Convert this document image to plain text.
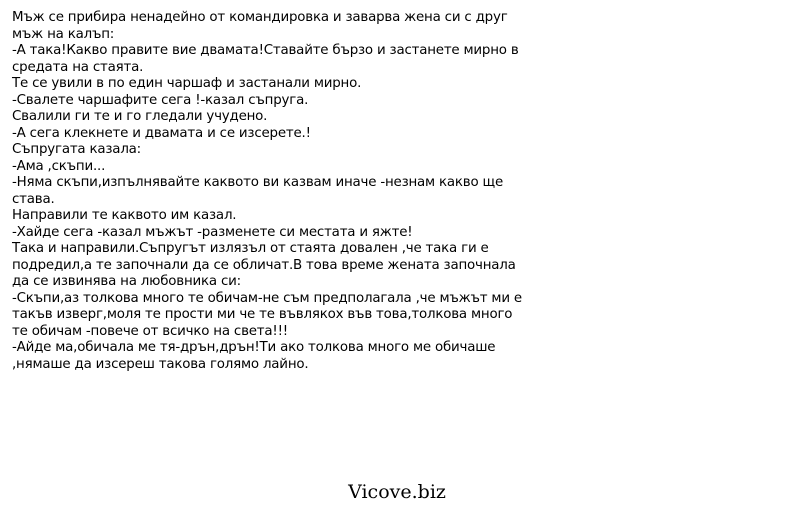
Мъж се прибира ненадейно от командировка и заварва жена си с друг
мъж на калъп:
-А така!Какво правите вие двамата!Ставайте бързо и застанете мирно в
средата на стаята.
Те се увили в по един чаршаф и застанали мирно.
-Свалете чаршафите сега !-казал съпруга.
Свалили ги те и го гледали учудено.
-А сега клекнете и двамата и се изсерете.!
Съпругата казала:
-Ама ,скъпи...
-Няма скъпи,изпълнявайте каквото ви казвам иначе -незнам какво ще
става.
Направили те каквото им казал.
-Хайде сега -казал мъжът -разменете си местата и яжте!
Така и направили.Съпругът излязъл от стаята довален ,че така ги е
подредил,а те започнали да се обличат.В това време жената започнала
да се извинява на любовника си:
-Скъпи,аз толкова много те обичам-не съм предполагала ,че мъжът ми е
такъв изверг,моля те прости ми че те въвлякох във това,толкова много
те обичам -повече от всичко на света!!!
-Айде ма,обичала ме тя-дрън,дрън!Ти ако толкова много ме обичаше
,нямаше да изсереш такова голямо лайно.
Vicove.biz
